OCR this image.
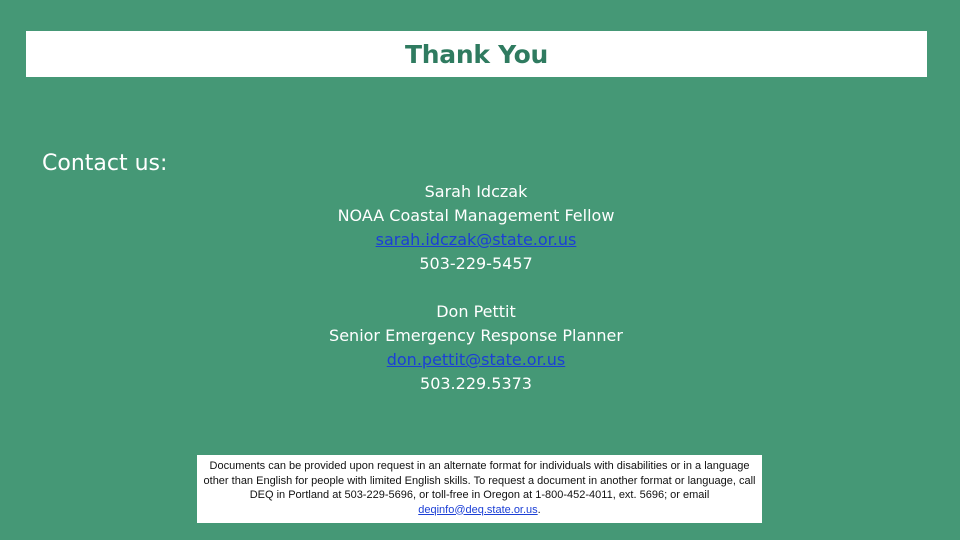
Thank You
Contact us:
Sarah Idczak
NOAA Coastal Management Fellow
sarah.idczak@state.or.us
503-229-5457
Don Pettit
Senior Emergency Response Planner
don.pettit@state.or.us
503.229.5373
Documents can be provided upon request in an alternate format for individuals with disabilities or in a language other than English for people with limited English skills. To request a document in another format or language, call DEQ in Portland at 503-229-5696, or toll-free in Oregon at 1-800-452-4011, ext. 5696; or email deqinfo@deq.state.or.us.
